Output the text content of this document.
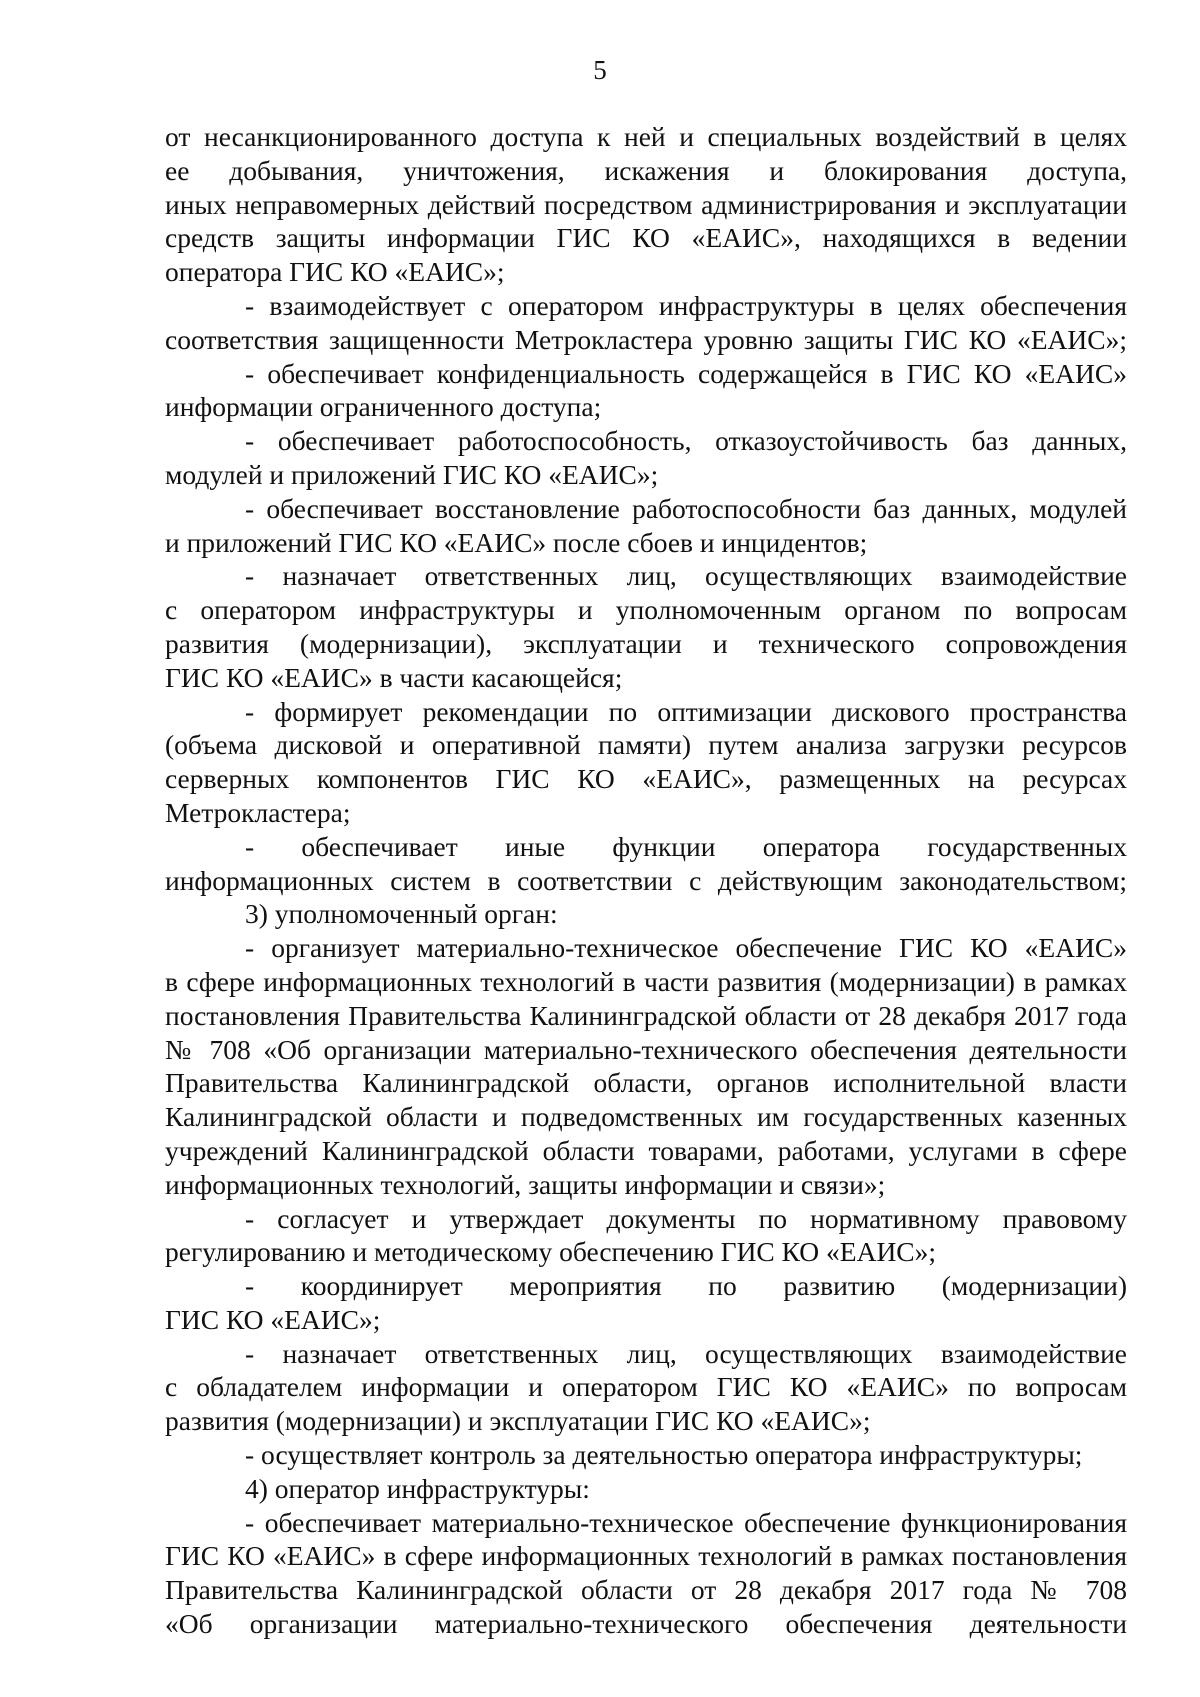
5
от несанкционированного доступа к ней и специальных воздействий в целях
ее добывания, уничтожения, искажения и блокирования доступа,
иных неправомерных действий посредством администрирования и эксплуатации
средств защиты информации ГИС КО «ЕАИС», находящихся в ведении
оператора ГИС КО «ЕАИС»;
- взаимодействует с оператором инфраструктуры в целях обеспечения
соответствия защищенности Метрокластера уровню защиты ГИС КО «ЕАИС»;
- обеспечивает конфиденциальность содержащейся в ГИС КО «ЕАИС»
информации ограниченного доступа;
- обеспечивает работоспособность, отказоустойчивость баз данных,
модулей и приложений ГИС КО «ЕАИС»;
- обеспечивает восстановление работоспособности баз данных, модулей
и приложений ГИС КО «ЕАИС» после сбоев и инцидентов;
- назначает ответственных лиц, осуществляющих взаимодействие
с оператором инфраструктуры и уполномоченным органом по вопросам
развития (модернизации), эксплуатации и технического сопровождения
ГИС КО «ЕАИС» в части касающейся;
- формирует рекомендации по оптимизации дискового пространства
(объема дисковой и оперативной памяти) путем анализа загрузки ресурсов
серверных компонентов ГИС КО «ЕАИС», размещенных на ресурсах
Метрокластера;
- обеспечивает иные функции оператора государственных
информационных систем в соответствии с действующим законодательством;
3) уполномоченный орган:
- организует материально-техническое обеспечение ГИС КО «ЕАИС»
в сфере информационных технологий в части развития (модернизации) в рамках
постановления Правительства Калининградской области от 28 декабря 2017 года
№ 708 «Об организации материально-технического обеспечения деятельности
Правительства Калининградской области, органов исполнительной власти
Калининградской области и подведомственных им государственных казенных
учреждений Калининградской области товарами, работами, услугами в сфере
информационных технологий, защиты информации и связи»;
- согласует и утверждает документы по нормативному правовому
регулированию и методическому обеспечению ГИС КО «ЕАИС»;
- координирует мероприятия по развитию (модернизации)
ГИС КО «ЕАИС»;
- назначает ответственных лиц, осуществляющих взаимодействие
с обладателем информации и оператором ГИС КО «ЕАИС» по вопросам
развития (модернизации) и эксплуатации ГИС КО «ЕАИС»;
- осуществляет контроль за деятельностью оператора инфраструктуры;
4) оператор инфраструктуры:
- обеспечивает материально-техническое обеспечение функционирования
ГИС КО «ЕАИС» в сфере информационных технологий в рамках постановления
Правительства Калининградской области от 28 декабря 2017 года № 708
«Об организации материально-технического обеспечения деятельности
